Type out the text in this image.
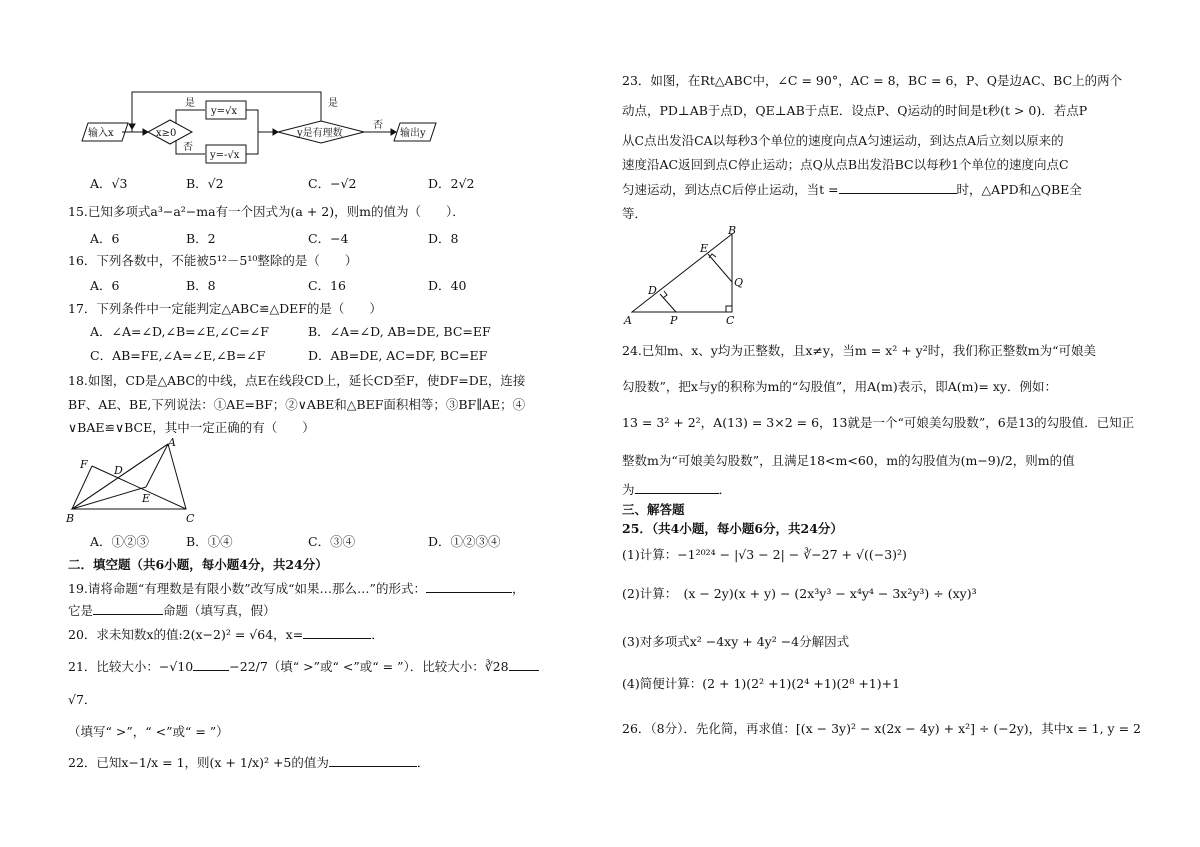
输入x	x≥0
是
否
y=√x
y=-√x
y是有理数
是
否
输出y
A．√3	B．√2	C．−√2	D．2√2
15.已知多项式a³−a²−ma有一个因式为(a + 2)，则m的值为（　　）．
A．6	B．2	C．−4	D．8
16．下列各数中，不能被5¹²－5¹⁰整除的是（　　）
A．6	B．8	C．16	D．40
17．下列条件中一定能判定△ABC≌△DEF的是（　　）
A．∠A=∠D,∠B=∠E,∠C=∠F	B．∠A=∠D, AB=DE, BC=EF
C．AB=FE,∠A=∠E,∠B=∠F	D．AB=DE, AC=DF, BC=EF
18.如图，CD是△ABC的中线，点E在线段CD上，延长CD至F，使DF=DE，连接
BF、AE、BE,下列说法：①AE=BF；②∨ABE和△BEF面积相等；③BF∥AE；④
∨BAE≌∨BCE，其中一定正确的有（　　）
A
B	C
D
E
F
A．①②③	B．①④	C．③④	D．①②③④
二．填空题（共6小题，每小题4分，共24分）
19.请将命题“有理数是有限小数”改写成“如果…那么…”的形式：	，
它是	命题（填写真，假）
20．求未知数x的值:2(x−2)² = √64，x=	．
21．比较大小：−√10	−22/7（填“ >”或“ <”或“ = ”）．比较大小：∛28
√7．
（填写“ >”，“ <”或“ = ”）
22．已知x−1/x = 1，则(x + 1/x)² +5的值为	．
23．如图，在Rt△ABC中，∠C = 90°，AC = 8，BC = 6，P、Q是边AC、BC上的两个
动点，PD⊥AB于点D，QE⊥AB于点E．设点P、Q运动的时间是t秒(t > 0)．若点P
从C点出发沿CA以每秒3个单位的速度向点A匀速运动，到达点A后立刻以原来的
速度沿AC返回到点C停止运动；点Q从点B出发沿BC以每秒1个单位的速度向点C
匀速运动，到达点C后停止运动，当t =	时，△APD和△QBE全
等．
A
B
C
D
E
P
Q
24.已知m、x、y均为正整数，且x≠y，当m = x² + y²时，我们称正整数m为“可娘美
勾股数”，把x与y的积称为m的“勾股值”，用A(m)表示，即A(m)= xy．例如：
13 = 3² + 2²，A(13) = 3×2 = 6，13就是一个“可娘美勾股数”，6是13的勾股值．已知正
整数m为“可娘美勾股数”，且满足18<m<60，m的勾股值为(m−9)/2，则m的值
为	．
三、解答题
25．（共4小题，每小题6分，共24分）
(1)计算：−1²⁰²⁴ − |√3 − 2| − ∛−27 + √((−3)²)
(2)计算：　(x − 2y)(x + y) − (2x³y³ − x⁴y⁴ − 3x²y³) ÷ (xy)³
(3)对多项式x² −4xy + 4y² −4分解因式
(4)简便计算：(2 + 1)(2² +1)(2⁴ +1)(2⁸ +1)+1
26．（8分）．先化简，再求值：[(x − 3y)² − x(2x − 4y) + x²] ÷ (−2y)，其中x = 1, y = 2
